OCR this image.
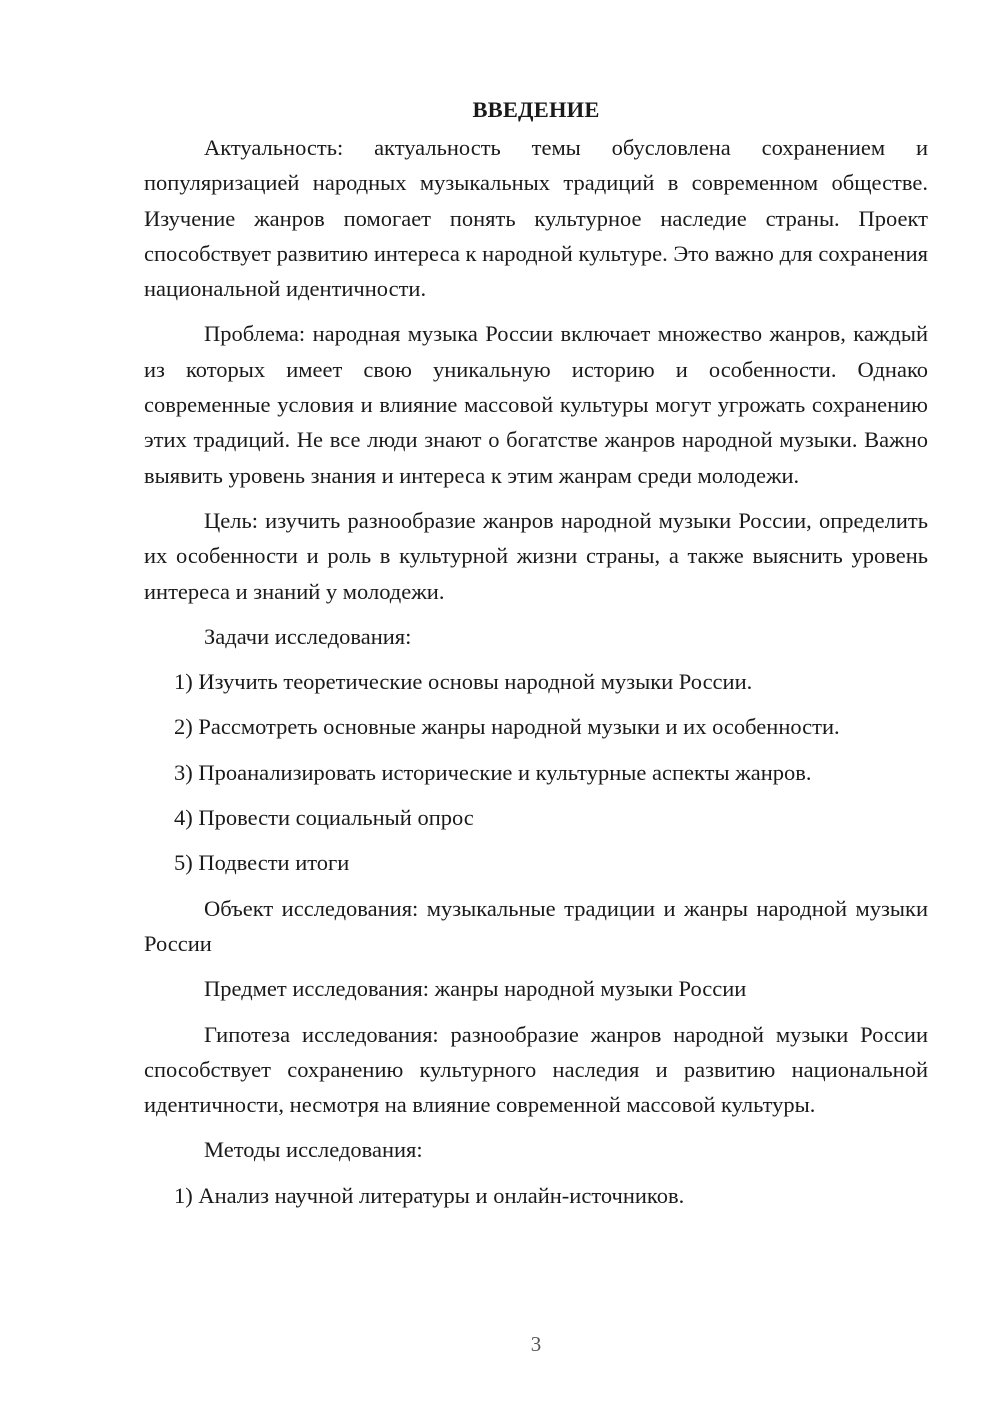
ВВЕДЕНИЕ

Актуальность: актуальность темы обусловлена сохранением и популяризацией народных музыкальных традиций в современном обществе. Изучение жанров помогает понять культурное наследие страны. Проект способствует развитию интереса к народной культуре. Это важно для сохранения национальной идентичности.

Проблема: народная музыка России включает множество жанров, каждый из которых имеет свою уникальную историю и особенности. Однако современные условия и влияние массовой культуры могут угрожать сохранению этих традиций. Не все люди знают о богатстве жанров народной музыки. Важно выявить уровень знания и интереса к этим жанрам среди молодежи.

Цель: изучить разнообразие жанров народной музыки России, определить их особенности и роль в культурной жизни страны, а также выяснить уровень интереса и знаний у молодежи.

Задачи исследования:

1) Изучить теоретические основы народной музыки России.

2) Рассмотреть основные жанры народной музыки и их особенности.

3) Проанализировать исторические и культурные аспекты жанров.

4) Провести социальный опрос

5) Подвести итоги

Объект исследования: музыкальные традиции и жанры народной музыки России

Предмет исследования: жанры народной музыки России

Гипотеза исследования: разнообразие жанров народной музыки России способствует сохранению культурного наследия и развитию национальной идентичности, несмотря на влияние современной массовой культуры.

Методы исследования:

1) Анализ научной литературы и онлайн-источников.

3
